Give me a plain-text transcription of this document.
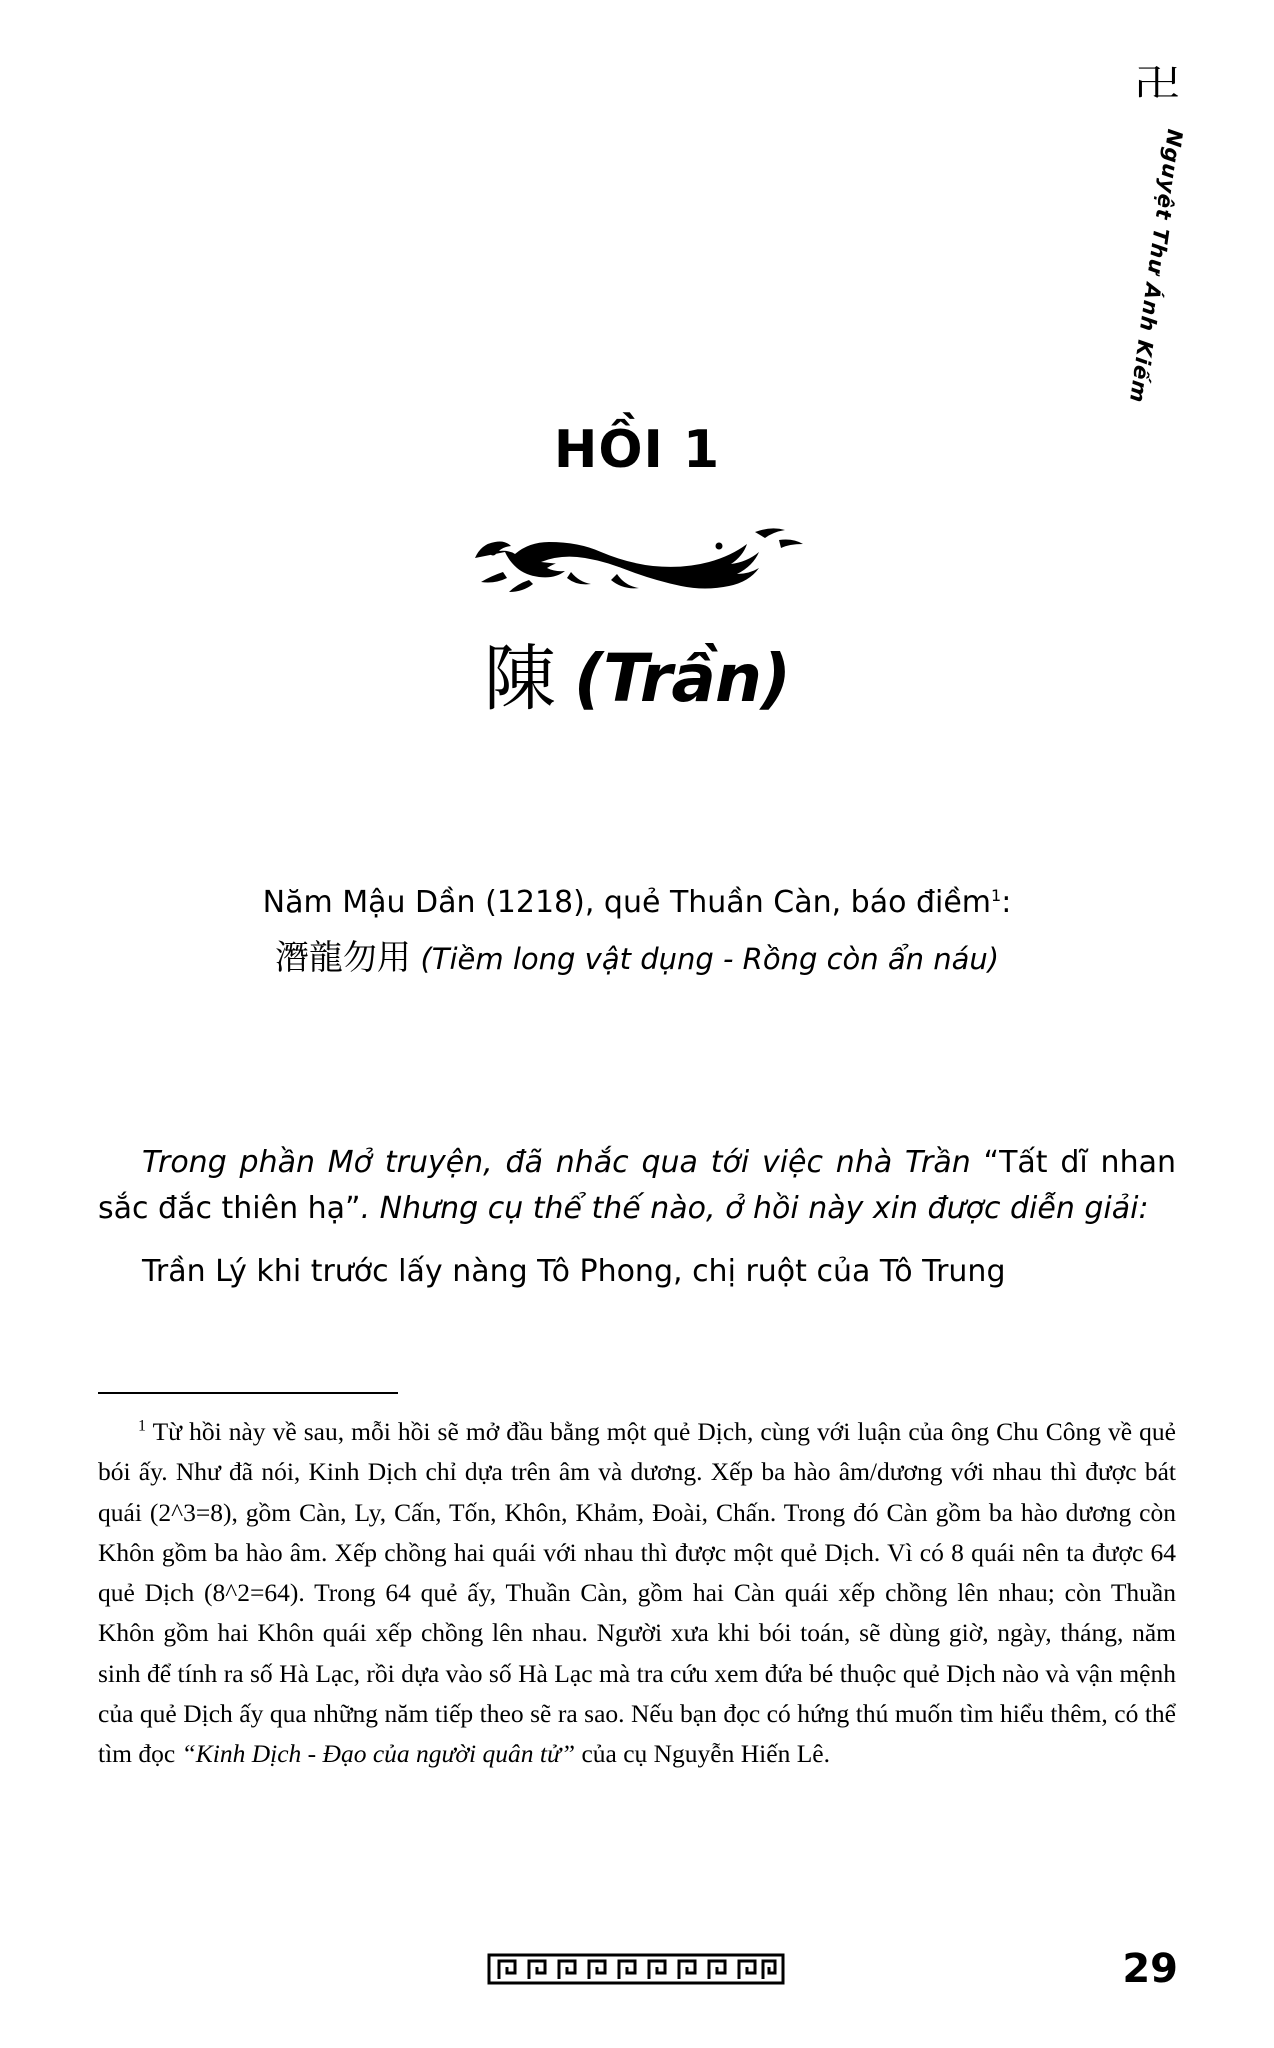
卍
Nguyệt Thư Ánh Kiếm
HỒI 1
陳 (Trần)
Năm Mậu Dần (1218), quẻ Thuần Càn, báo điềm$^1$:
潛龍勿用 (Tiềm long vật dụng - Rồng còn ẩn náu)

Trong phần Mở truyện, đã nhắc qua tới việc nhà Trần “Tất dĩ nhan sắc đắc thiên hạ”. Nhưng cụ thể thế nào, ở hồi này xin được diễn giải:

Trần Lý khi trước lấy nàng Tô Phong, chị ruột của Tô Trung

$^1$ Từ hồi này về sau, mỗi hồi sẽ mở đầu bằng một quẻ Dịch, cùng với luận của ông Chu Công về quẻ bói ấy. Như đã nói, Kinh Dịch chỉ dựa trên âm và dương. Xếp ba hào âm/dương với nhau thì được bát quái (2^3=8), gồm Càn, Ly, Cấn, Tốn, Khôn, Khảm, Đoài, Chấn. Trong đó Càn gồm ba hào dương còn Khôn gồm ba hào âm. Xếp chồng hai quái với nhau thì được một quẻ Dịch. Vì có 8 quái nên ta được 64 quẻ Dịch (8^2=64). Trong 64 quẻ ấy, Thuần Càn, gồm hai Càn quái xếp chồng lên nhau; còn Thuần Khôn gồm hai Khôn quái xếp chồng lên nhau. Người xưa khi bói toán, sẽ dùng giờ, ngày, tháng, năm sinh để tính ra số Hà Lạc, rồi dựa vào số Hà Lạc mà tra cứu xem đứa bé thuộc quẻ Dịch nào và vận mệnh của quẻ Dịch ấy qua những năm tiếp theo sẽ ra sao. Nếu bạn đọc có hứng thú muốn tìm hiểu thêm, có thể tìm đọc “Kinh Dịch - Đạo của người quân tử” của cụ Nguyễn Hiến Lê.
29
